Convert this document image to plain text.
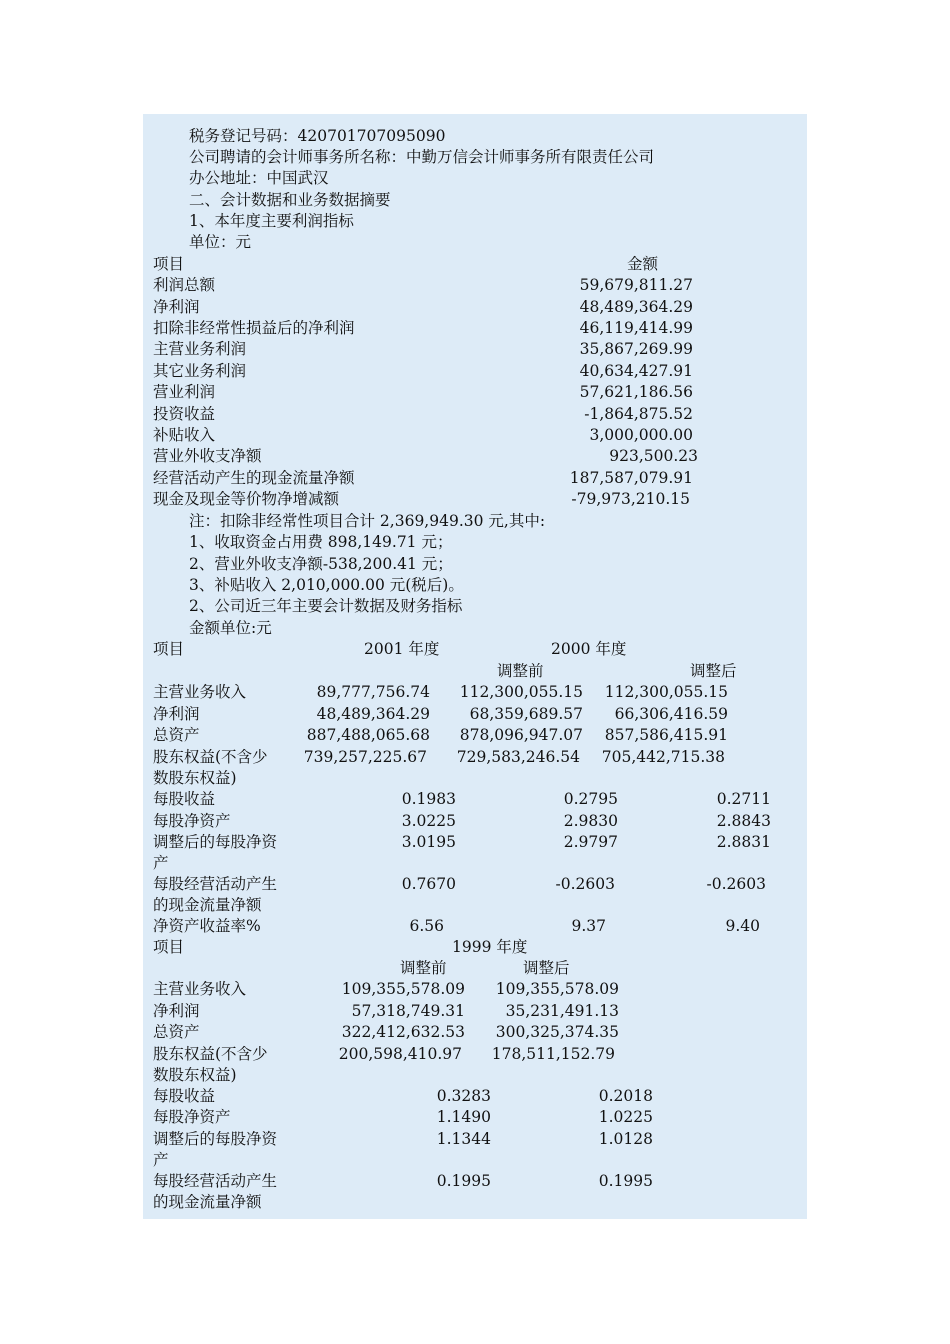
税务登记号码：420701707095090

公司聘请的会计师事务所名称：中勤万信会计师事务所有限责任公司

办公地址：中国武汉

二、会计数据和业务数据摘要

1、本年度主要利润指标

单位：元

项目	金额

利润总额	59,679,811.27

净利润	48,489,364.29

扣除非经常性损益后的净利润	46,119,414.99

主营业务利润	35,867,269.99

其它业务利润	40,634,427.91

营业利润	57,621,186.56

投资收益	-1,864,875.52

补贴收入	3,000,000.00

营业外收支净额	923,500.23

经营活动产生的现金流量净额	187,587,079.91

现金及现金等价物净增减额	-79,973,210.15

注：扣除非经常性项目合计 2,369,949.30 元,其中:

1、收取资金占用费 898,149.71 元；

2、营业外收支净额-538,200.41 元；

3、补贴收入 2,010,000.00 元(税后)。

2、公司近三年主要会计数据及财务指标

金额单位:元

项目	2001 年度	2000 年度

调整前	调整后

主营业务收入	89,777,756.74 112,300,055.15 112,300,055.15

净利润	48,489,364.29	68,359,689.57 66,306,416.59

总资产	887,488,065.68 878,096,947.07 857,586,415.91

股东权益(不含少 739,257,225.67 729,583,246.54 705,442,715.38

数股东权益)

每股收益	0.1983	0.2795	0.2711

每股净资产	3.0225	2.9830	2.8843

调整后的每股净资	3.0195	2.9797	2.8831

产

每股经营活动产生	0.7670	-0.2603	-0.2603

的现金流量净额

净资产收益率%	6.56	9.37	9.40

项目	1999 年度

调整前	调整后

主营业务收入	109,355,578.09 109,355,578.09

净利润	57,318,749.31	35,231,491.13

总资产	322,412,632.53 300,325,374.35

股东权益(不含少	200,598,410.97 178,511,152.79

数股东权益)

每股收益	0.3283	0.2018

每股净资产	1.1490	1.0225

调整后的每股净资	1.1344	1.0128

产

每股经营活动产生	0.1995	0.1995

的现金流量净额
